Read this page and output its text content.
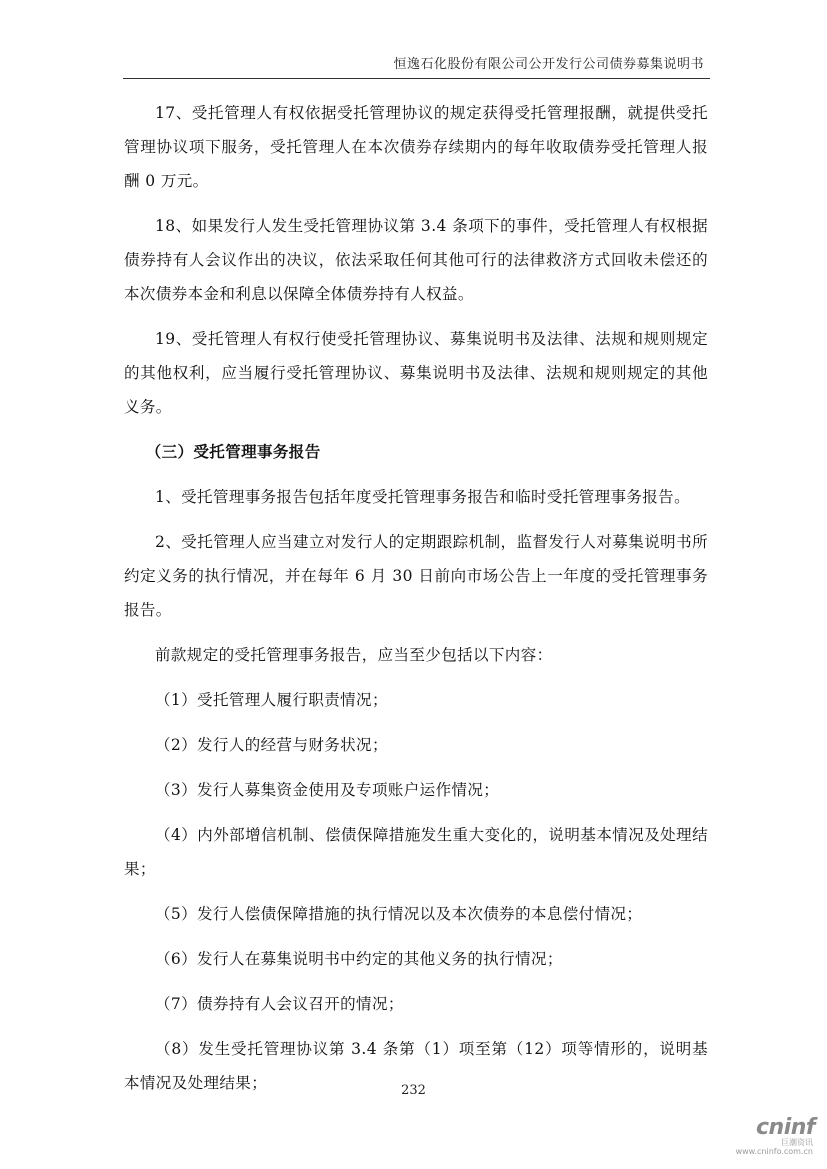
恒逸石化股份有限公司公开发行公司债券募集说明书

17、受托管理人有权依据受托管理协议的规定获得受托管理报酬，就提供受托管理协议项下服务，受托管理人在本次债券存续期内的每年收取债券受托管理人报酬 0 万元。

18、如果发行人发生受托管理协议第 3.4 条项下的事件，受托管理人有权根据债券持有人会议作出的决议，依法采取任何其他可行的法律救济方式回收未偿还的本次债券本金和利息以保障全体债券持有人权益。

19、受托管理人有权行使受托管理协议、募集说明书及法律、法规和规则规定的其他权利，应当履行受托管理协议、募集说明书及法律、法规和规则规定的其他义务。

（三）受托管理事务报告

1、受托管理事务报告包括年度受托管理事务报告和临时受托管理事务报告。

2、受托管理人应当建立对发行人的定期跟踪机制，监督发行人对募集说明书所约定义务的执行情况，并在每年 6 月 30 日前向市场公告上一年度的受托管理事务报告。

前款规定的受托管理事务报告，应当至少包括以下内容：

（1）受托管理人履行职责情况；

（2）发行人的经营与财务状况；

（3）发行人募集资金使用及专项账户运作情况；

（4）内外部增信机制、偿债保障措施发生重大变化的，说明基本情况及处理结果；

（5）发行人偿债保障措施的执行情况以及本次债券的本息偿付情况；

（6）发行人在募集说明书中约定的其他义务的执行情况；

（7）债券持有人会议召开的情况；

（8）发生受托管理协议第 3.4 条第（1）项至第（12）项等情形的，说明基本情况及处理结果；	232
cninf
巨潮资讯
www.cninfo.com.cn
